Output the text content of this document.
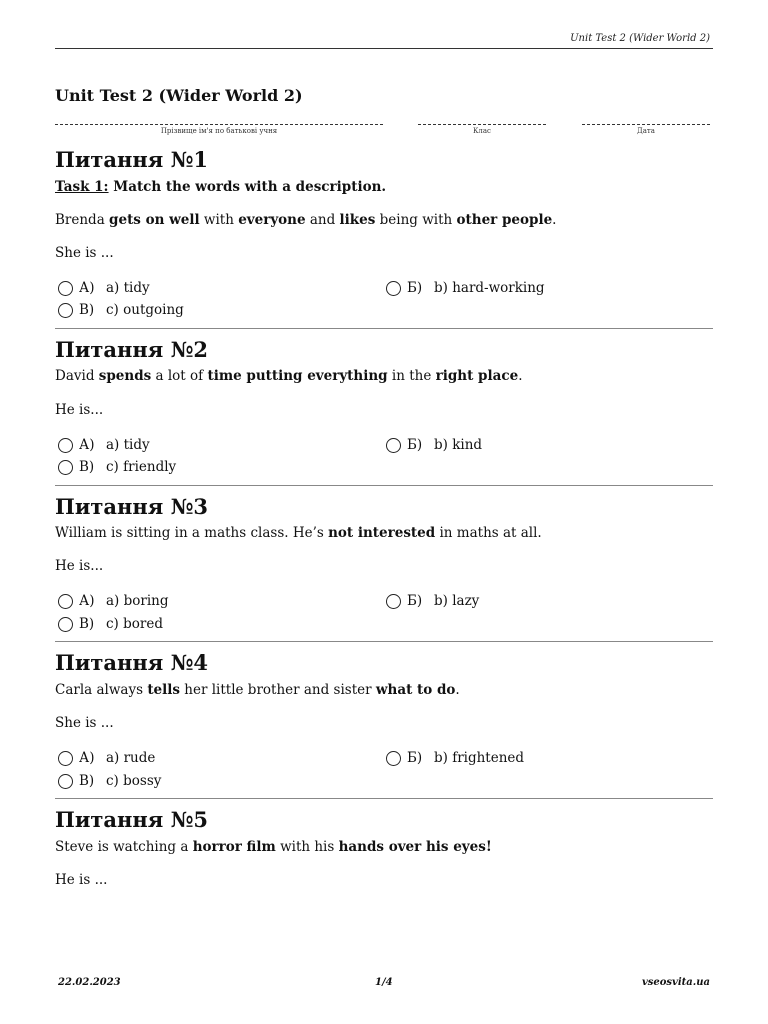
Unit Test 2 (Wider World 2)
Unit Test 2 (Wider World 2)
Прізвище ім'я по батькові учня	Клас	Дата
Питання №1
Task 1: Match the words with a description.
Brenda gets on well with everyone and likes being with other people.
She is ...
А) a) tidy	Б) b) hard-working
В) c) outgoing
Питання №2
David spends a lot of time putting everything in the right place.
He is...
А) a) tidy	Б) b) kind
В) c) friendly
Питання №3
William is sitting in a maths class. He’s not interested in maths at all.
He is...
А) a) boring	Б) b) lazy
В) c) bored
Питання №4
Carla always tells her little brother and sister what to do.
She is ...
А) a) rude	Б) b) frightened
В) c) bossy
Питання №5
Steve is watching a horror film with his hands over his eyes!
He is ...
22.02.2023	1/4	vseosvita.ua
